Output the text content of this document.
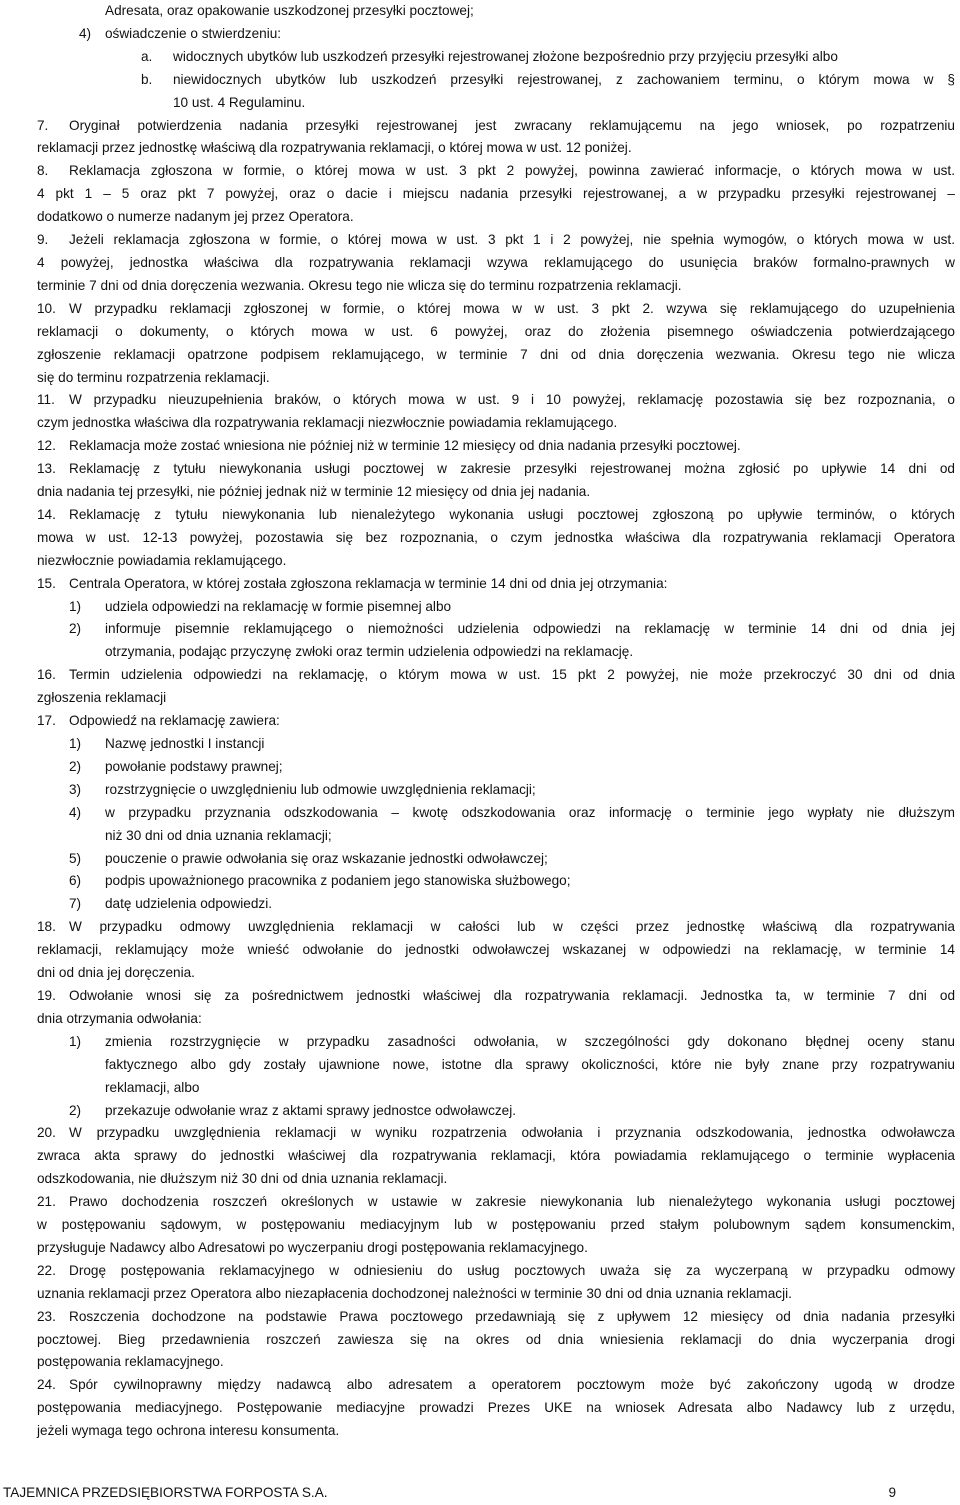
Adresata, oraz opakowanie uszkodzonej przesyłki pocztowej;
4) oświadczenie o stwierdzeniu:
a. widocznych ubytków lub uszkodzeń przesyłki rejestrowanej złożone bezpośrednio przy przyjęciu przesyłki albo
b. niewidocznych ubytków lub uszkodzeń przesyłki rejestrowanej, z zachowaniem terminu, o którym mowa w §
10 ust. 4 Regulaminu.
7. Oryginał potwierdzenia nadania przesyłki rejestrowanej jest zwracany reklamującemu na jego wniosek, po rozpatrzeniu
reklamacji przez jednostkę właściwą dla rozpatrywania reklamacji, o której mowa w ust. 12 poniżej.
8. Reklamacja zgłoszona w formie, o której mowa w ust. 3 pkt 2 powyżej, powinna zawierać informacje, o których mowa w ust.
4 pkt 1 – 5 oraz pkt 7 powyżej, oraz o dacie i miejscu nadania przesyłki rejestrowanej, a w przypadku przesyłki rejestrowanej –
dodatkowo o numerze nadanym jej przez Operatora.
9. Jeżeli reklamacja zgłoszona w formie, o której mowa w ust. 3 pkt 1 i 2 powyżej, nie spełnia wymogów, o których mowa w ust.
4 powyżej, jednostka właściwa dla rozpatrywania reklamacji wzywa reklamującego do usunięcia braków formalno-prawnych w
terminie 7 dni od dnia doręczenia wezwania. Okresu tego nie wlicza się do terminu rozpatrzenia reklamacji.
10. W przypadku reklamacji zgłoszonej w formie, o której mowa w w ust. 3 pkt 2. wzywa się reklamującego do uzupełnienia
reklamacji o dokumenty, o których mowa w ust. 6 powyżej, oraz do złożenia pisemnego oświadczenia potwierdzającego
zgłoszenie reklamacji opatrzone podpisem reklamującego, w terminie 7 dni od dnia doręczenia wezwania. Okresu tego nie wlicza
się do terminu rozpatrzenia reklamacji.
11. W przypadku nieuzupełnienia braków, o których mowa w ust. 9 i 10 powyżej, reklamację pozostawia się bez rozpoznania, o
czym jednostka właściwa dla rozpatrywania reklamacji niezwłocznie powiadamia reklamującego.
12. Reklamacja może zostać wniesiona nie później niż w terminie 12 miesięcy od dnia nadania przesyłki pocztowej.
13. Reklamację z tytułu niewykonania usługi pocztowej w zakresie przesyłki rejestrowanej można zgłosić po upływie 14 dni od
dnia nadania tej przesyłki, nie później jednak niż w terminie 12 miesięcy od dnia jej nadania.
14. Reklamację z tytułu niewykonania lub nienależytego wykonania usługi pocztowej zgłoszoną po upływie terminów, o których
mowa w ust. 12-13 powyżej, pozostawia się bez rozpoznania, o czym jednostka właściwa dla rozpatrywania reklamacji Operatora
niezwłocznie powiadamia reklamującego.
15. Centrala Operatora, w której została zgłoszona reklamacja w terminie 14 dni od dnia jej otrzymania:
1) udziela odpowiedzi na reklamację w formie pisemnej albo
2) informuje pisemnie reklamującego o niemożności udzielenia odpowiedzi na reklamację w terminie 14 dni od dnia jej
otrzymania, podając przyczynę zwłoki oraz termin udzielenia odpowiedzi na reklamację.
16. Termin udzielenia odpowiedzi na reklamację, o którym mowa w ust. 15 pkt 2 powyżej, nie może przekroczyć 30 dni od dnia
zgłoszenia reklamacji
17. Odpowiedź na reklamację zawiera:
1) Nazwę jednostki I instancji
2) powołanie podstawy prawnej;
3) rozstrzygnięcie o uwzględnieniu lub odmowie uwzględnienia reklamacji;
4) w przypadku przyznania odszkodowania – kwotę odszkodowania oraz informację o terminie jego wypłaty nie dłuższym
niż 30 dni od dnia uznania reklamacji;
5) pouczenie o prawie odwołania się oraz wskazanie jednostki odwoławczej;
6) podpis upoważnionego pracownika z podaniem jego stanowiska służbowego;
7) datę udzielenia odpowiedzi.
18. W przypadku odmowy uwzględnienia reklamacji w całości lub w części przez jednostkę właściwą dla rozpatrywania
reklamacji, reklamujący może wnieść odwołanie do jednostki odwoławczej wskazanej w odpowiedzi na reklamację, w terminie 14
dni od dnia jej doręczenia.
19. Odwołanie wnosi się za pośrednictwem jednostki właściwej dla rozpatrywania reklamacji. Jednostka ta, w terminie 7 dni od
dnia otrzymania odwołania:
1) zmienia rozstrzygnięcie w przypadku zasadności odwołania, w szczególności gdy dokonano błędnej oceny stanu
faktycznego albo gdy zostały ujawnione nowe, istotne dla sprawy okoliczności, które nie były znane przy rozpatrywaniu
reklamacji, albo
2) przekazuje odwołanie wraz z aktami sprawy jednostce odwoławczej.
20. W przypadku uwzględnienia reklamacji w wyniku rozpatrzenia odwołania i przyznania odszkodowania, jednostka odwoławcza
zwraca akta sprawy do jednostki właściwej dla rozpatrywania reklamacji, która powiadamia reklamującego o terminie wypłacenia
odszkodowania, nie dłuższym niż 30 dni od dnia uznania reklamacji.
21. Prawo dochodzenia roszczeń określonych w ustawie w zakresie niewykonania lub nienależytego wykonania usługi pocztowej
w postępowaniu sądowym, w postępowaniu mediacyjnym lub w postępowaniu przed stałym polubownym sądem konsumenckim,
przysługuje Nadawcy albo Adresatowi po wyczerpaniu drogi postępowania reklamacyjnego.
22. Drogę postępowania reklamacyjnego w odniesieniu do usług pocztowych uważa się za wyczerpaną w przypadku odmowy
uznania reklamacji przez Operatora albo niezapłacenia dochodzonej należności w terminie 30 dni od dnia uznania reklamacji.
23. Roszczenia dochodzone na podstawie Prawa pocztowego przedawniają się z upływem 12 miesięcy od dnia nadania przesyłki
pocztowej. Bieg przedawnienia roszczeń zawiesza się na okres od dnia wniesienia reklamacji do dnia wyczerpania drogi
postępowania reklamacyjnego.
24. Spór cywilnoprawny między nadawcą albo adresatem a operatorem pocztowym może być zakończony ugodą w drodze
postępowania mediacyjnego. Postępowanie mediacyjne prowadzi Prezes UKE na wniosek Adresata albo Nadawcy lub z urzędu,
jeżeli wymaga tego ochrona interesu konsumenta.
TAJEMNICA PRZEDSIĘBIORSTWA FORPOSTA S.A.	9
